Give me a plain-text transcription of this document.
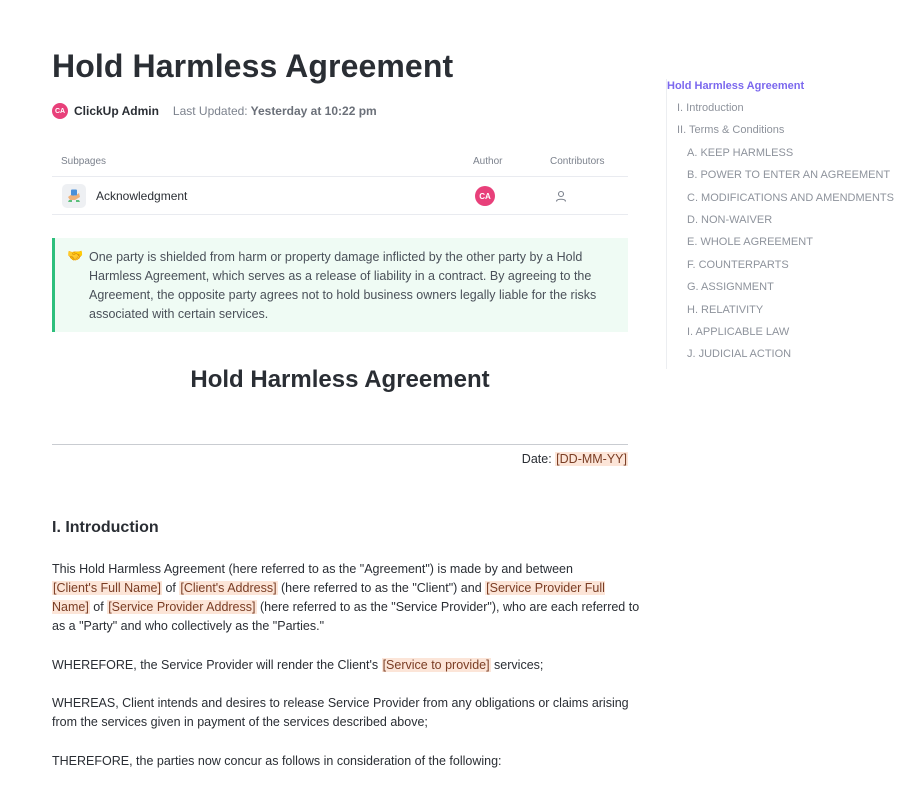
Hold Harmless Agreement
CA ClickUp Admin Last Updated: Yesterday at 10:22 pm
Subpages	Author	Contributors
Acknowledgment	CA
🤝 One party is shielded from harm or property damage inflicted by the other party by a Hold Harmless Agreement, which serves as a release of liability in a contract. By agreeing to the Agreement, the opposite party agrees not to hold business owners legally liable for the risks associated with certain services.
Hold Harmless Agreement
Date: [DD-MM-YY]
I. Introduction

This Hold Harmless Agreement (here referred to as the "Agreement") is made by and between
[Client's Full Name] of [Client's Address] (here referred to as the "Client") and [Service Provider Full Name] of [Service Provider Address] (here referred to as the "Service Provider"), who are each referred to as a "Party" and who collectively as the "Parties."

WHEREFORE, the Service Provider will render the Client's [Service to provide] services;

WHEREAS, Client intends and desires to release Service Provider from any obligations or claims arising from the services given in payment of the services described above;

THEREFORE, the parties now concur as follows in consideration of the following:

Hold Harmless Agreement
I. Introduction
II. Terms & Conditions
A. KEEP HARMLESS
B. POWER TO ENTER AN AGREEMENT
C. MODIFICATIONS AND AMENDMENTS
D. NON-WAIVER
E. WHOLE AGREEMENT
F. COUNTERPARTS
G. ASSIGNMENT
H. RELATIVITY
I. APPLICABLE LAW
J. JUDICIAL ACTION
